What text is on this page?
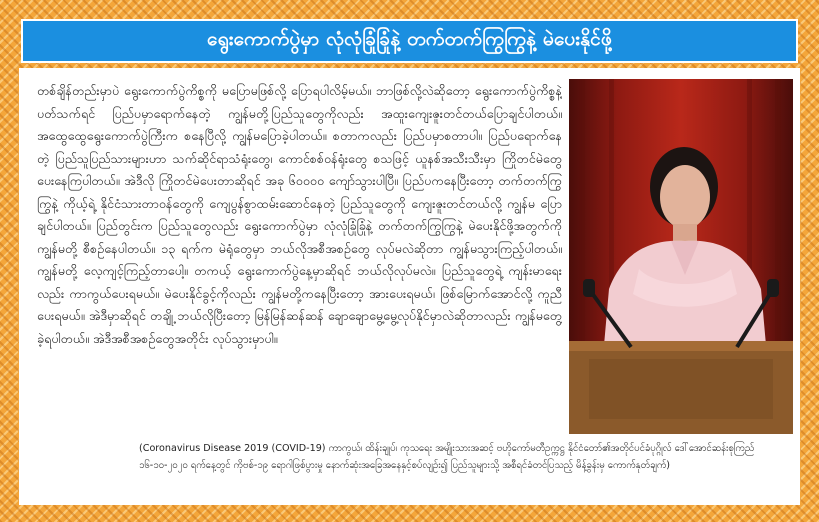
ရွေးကောက်ပွဲမှာ လုံလုံခြုံခြုံနဲ့ တက်တက်ကြွကြွနဲ့ မဲပေးနိုင်ဖို့
တစ်ချိန်တည်းမှာပဲ ရွေးကောက်ပွဲကိစ္စကို မပြောမဖြစ်လို့ ပြောရပါလိမ့်မယ်။ ဘာဖြစ်လို့လဲဆိုတော့ ရွေးကောက်ပွဲကိစ္စနဲ့ ပတ်သက်ရင် ပြည်ပမှာရောက်နေတဲ့ ကျွန်မတို့ပြည်သူတွေကိုလည်း အထူးကျေးဇူးတင်တယ်ပြောချင်ပါတယ်။ အထွေထွေရွေးကောက်ပွဲကြီးက စနေပြီလို့ ကျွန်မပြောခဲ့ပါတယ်။ စတာကလည်း ပြည်ပမှာစတာပါ။ ပြည်ပရောက်နေတဲ့ ပြည်သူပြည်သားများဟာ သက်ဆိုင်ရာသံရုံးတွေ၊ ကောင်စစ်ဝန်ရုံးတွေ စသဖြင့် ယူနစ်အသီးသီးမှာ ကြိုတင်မဲတွေ ပေးနေကြပါတယ်။ အဲဒီလို ကြိုတင်မဲပေးတာဆိုရင် အခု ၆၀၀၀၀ ကျော်သွားပါပြီ။ ပြည်ပကနေပြီးတော့ တက်တက်ကြွကြွနဲ့ ကိုယ့်ရဲ့ နိုင်ငံသားတာဝန်တွေကို ကျေပွန်စွာထမ်းဆောင်နေတဲ့ ပြည်သူတွေကို ကျေးဇူးတင်တယ်လို့ ကျွန်မ ပြောချင်ပါတယ်။ ပြည်တွင်းက ပြည်သူတွေလည်း ရွေးကောက်ပွဲမှာ လုံလုံခြုံခြုံနဲ့ တက်တက်ကြွကြွနဲ့ မဲပေးနိုင်ဖို့အတွက်ကို ကျွန်မတို့ စီစဉ်နေပါတယ်။ ၁၃ ရက်က မဲရုံတွေမှာ ဘယ်လိုအစီအစဉ်တွေ လုပ်မလဲဆိုတာ ကျွန်မသွားကြည့်ပါတယ်။ ကျွန်မတို့ လေ့ကျင့်ကြည့်တာပေါ့။ တကယ့် ရွေးကောက်ပွဲနေ့မှာဆိုရင် ဘယ်လိုလုပ်မလဲ။ ပြည်သူတွေရဲ့ ကျန်းမာရေးလည်း ကာကွယ်ပေးရမယ်။ မဲပေးနိုင်ခွင့်ကိုလည်း ကျွန်မတို့ကနေပြီးတော့ အားပေးရမယ်၊ ဖြစ်မြောက်အောင်လို့ ကူညီပေးရမယ်။ အဲဒီမှာဆိုရင် တချို့ ဘယ်လိုပြီးတော့ မြန်မြန်ဆန်ဆန် ချောချောမွေ့မွေ့လုပ်နိုင်မှာလဲဆိုတာလည်း ကျွန်မတွေ့ခဲ့ရပါတယ်။ အဲဒီအစီအစဉ်တွေအတိုင်း လုပ်သွားမှာပါ။
(Coronavirus Disease 2019 (COVID-19) ကာကွယ်၊ ထိန်းချုပ်၊ ကုသရေး အမျိုးသားအဆင့် ဗဟိုကော်မတီဥက္ကဋ္ဌ နိုင်ငံတော်၏အတိုင်ပင်ခံပုဂ္ဂိုလ် ဒေါ်အောင်ဆန်းစုကြည်
၁၆-၁၀-၂၀၂၀ ရက်နေ့တွင် ကိုဗစ်-၁၉ ရောဂါဖြစ်ပွားမှု နောက်ဆုံးအခြေအနေနှင့်စပ်လျဉ်း၍ ပြည်သူများသို့ အစီရင်ခံတင်ပြသည့် မိန့်ခွန်းမှ ကောက်နုတ်ချက်)
